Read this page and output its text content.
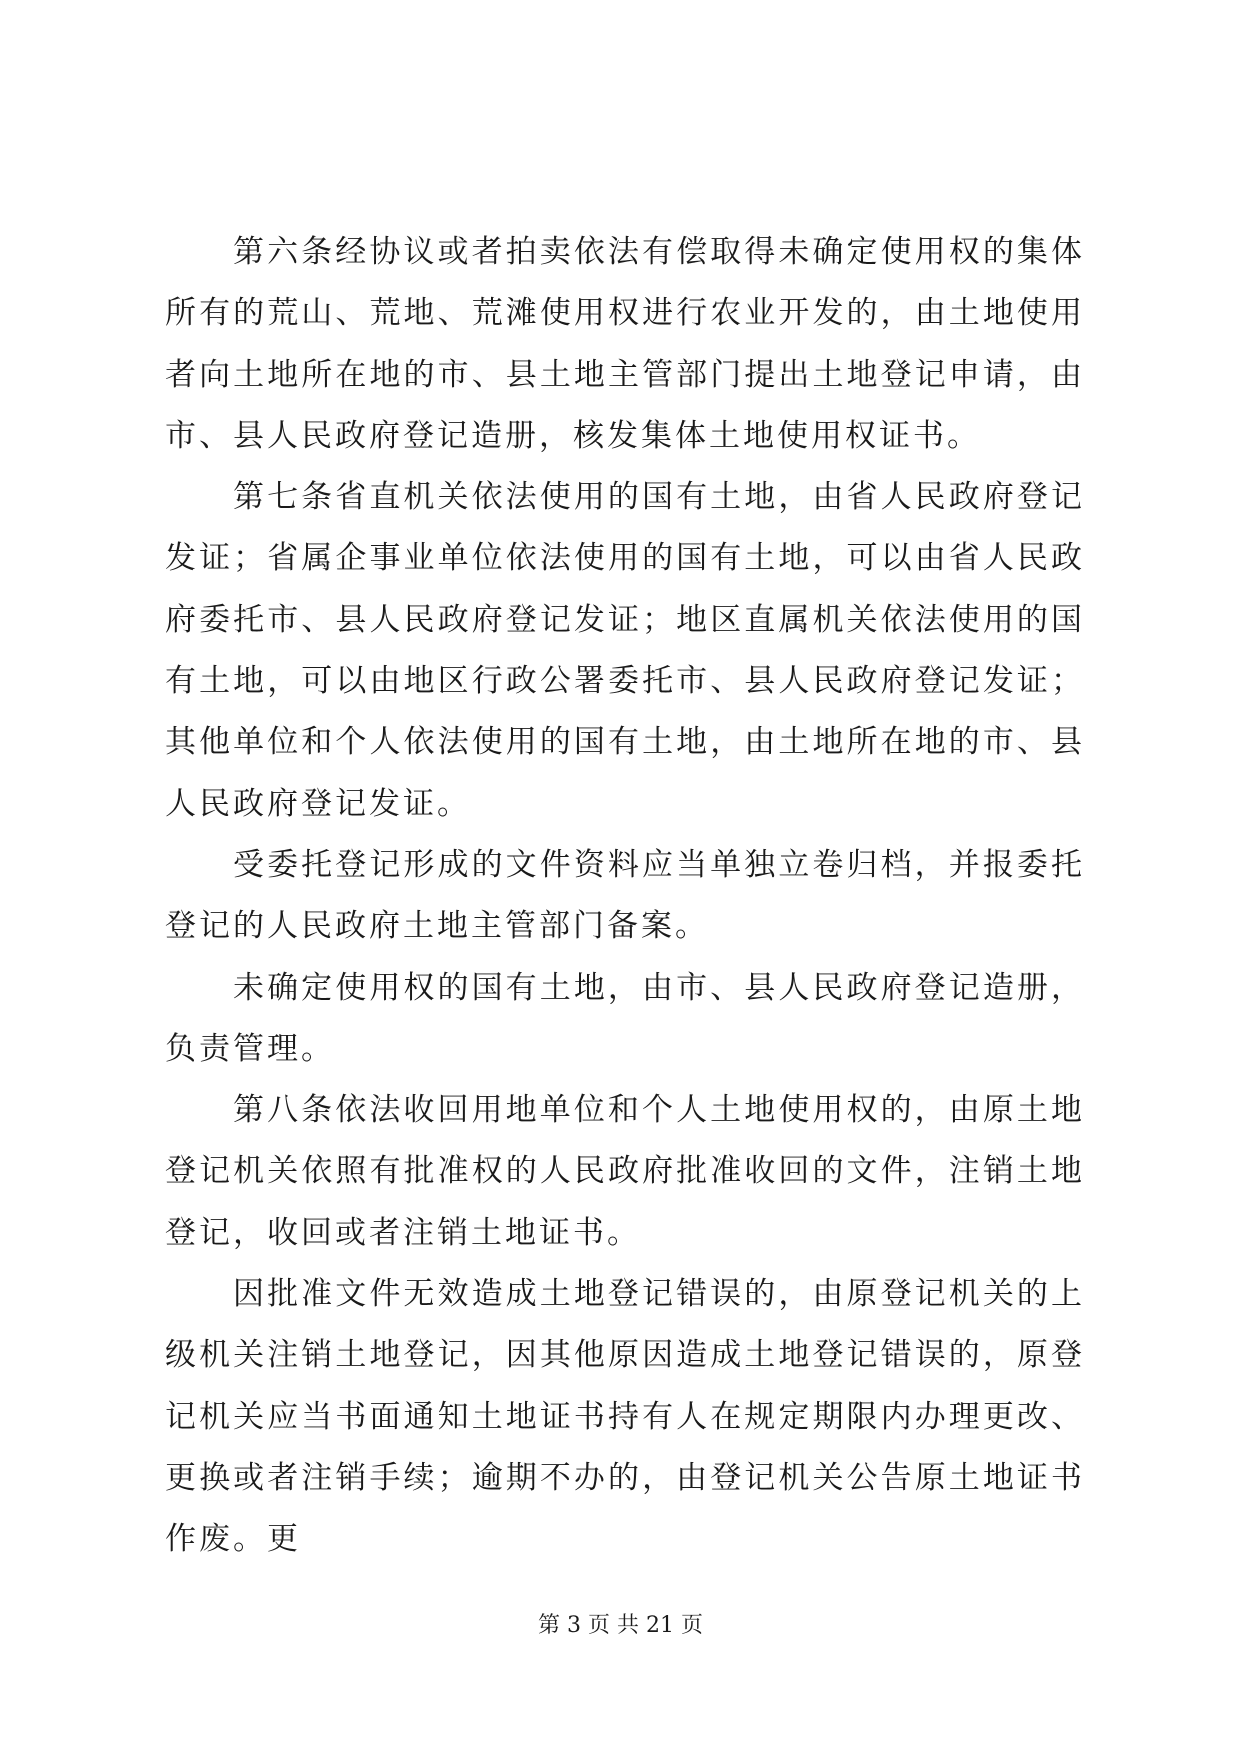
第六条经协议或者拍卖依法有偿取得未确定使用权的集体所有的荒山、荒地、荒滩使用权进行农业开发的，由土地使用者向土地所在地的市、县土地主管部门提出土地登记申请，由市、县人民政府登记造册，核发集体土地使用权证书。

第七条省直机关依法使用的国有土地，由省人民政府登记发证；省属企事业单位依法使用的国有土地，可以由省人民政府委托市、县人民政府登记发证；地区直属机关依法使用的国有土地，可以由地区行政公署委托市、县人民政府登记发证；其他单位和个人依法使用的国有土地，由土地所在地的市、县人民政府登记发证。

受委托登记形成的文件资料应当单独立卷归档，并报委托登记的人民政府土地主管部门备案。

未确定使用权的国有土地，由市、县人民政府登记造册，负责管理。

第八条依法收回用地单位和个人土地使用权的，由原土地登记机关依照有批准权的人民政府批准收回的文件，注销土地登记，收回或者注销土地证书。

因批准文件无效造成土地登记错误的，由原登记机关的上级机关注销土地登记，因其他原因造成土地登记错误的，原登记机关应当书面通知土地证书持有人在规定期限内办理更改、更换或者注销手续；逾期不办的，由登记机关公告原土地证书作废。更

第 3 页 共 21 页
